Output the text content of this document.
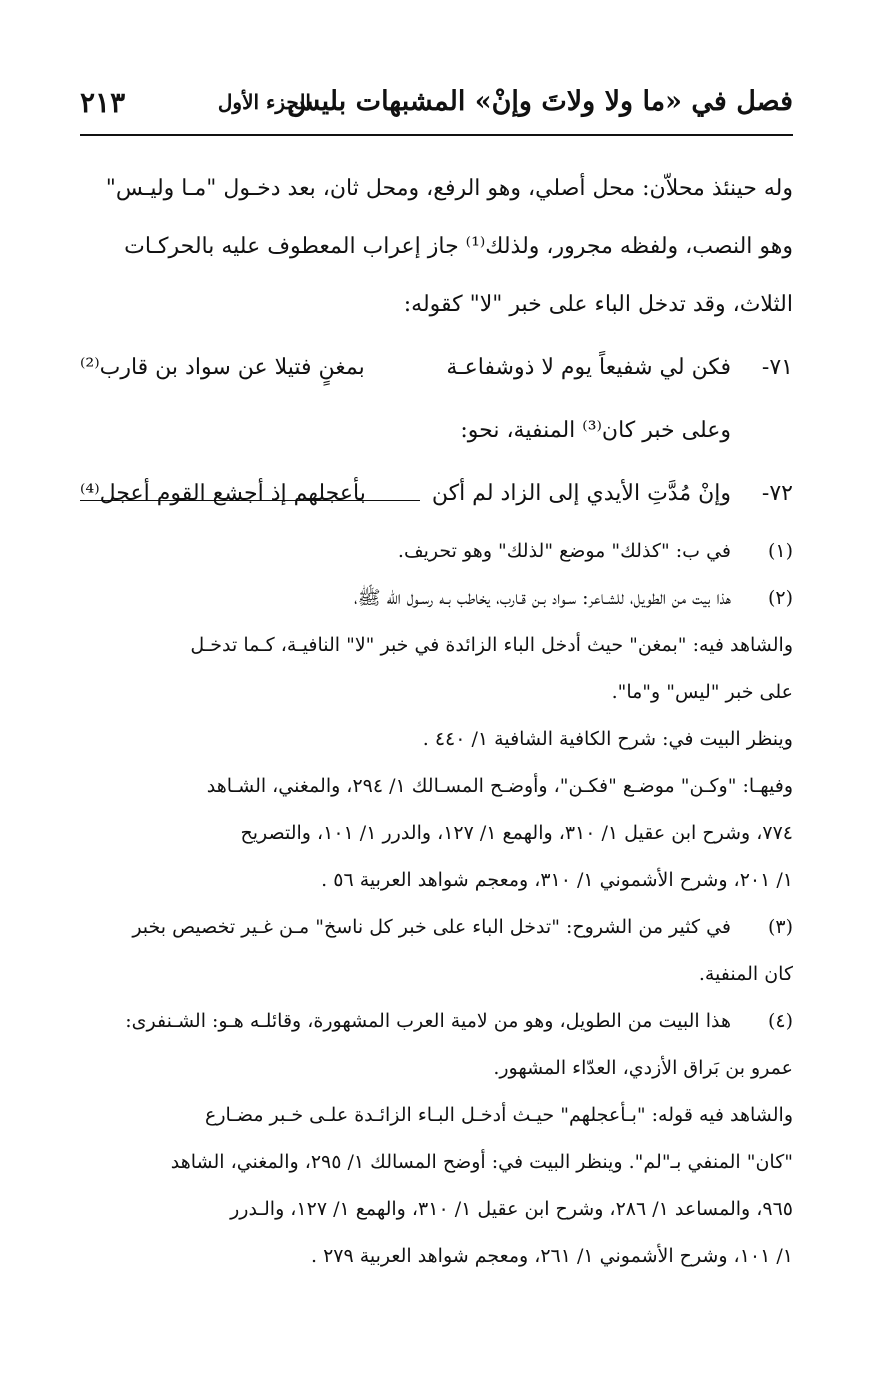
فصل في «ما ولا ولاتَ وإنْ» المشبهات بليس
الجزء الأول
٢١٣
وله حينئذ محلاّن: محل أصلي، وهو الرفع، ومحل ثان، بعد دخـول "مـا وليـس"
وهو النصب، ولفظه مجرور، ولذلك⁽¹⁾ جاز إعراب المعطوف عليه بالحركـات
الثلاث، وقد تدخل الباء على خبر "لا" كقوله:
٧١-
فكن لي شفيعاً يوم لا ذوشفاعـة
بمغنٍ فتيلا عن سواد بن قارب⁽²⁾
وعلى خبر كان⁽³⁾ المنفية، نحو:
٧٢-
وإنْ مُدَّتِ الأيدي إلى الزاد لم أكن
بأعجلهم إذ أجشع القوم أعجل⁽⁴⁾
(١)
في ب: "كذلك" موضع "لذلك" وهو تحريف.
(٢)
هذا بيت من الطويل، للشـاعر: سـواد بـن قـارب، يخاطب بـه رسـول الله ﷺ،
والشاهد فيه: "بمغن" حيث أدخل الباء الزائدة في خبر "لا" النافيـة، كـما تدخـل
على خبر "ليس" و"ما".
وينظر البيت في: شرح الكافية الشافية ١/ ٤٤٠ .
وفيهـا: "وكـن" موضـع "فكـن"، وأوضـح المسـالك ١/ ٢٩٤، والمغني، الشـاهد
٧٧٤، وشرح ابن عقيل ١/ ٣١٠، والهمع ١/ ١٢٧، والدرر ١/ ١٠١، والتصريح
١/ ٢٠١، وشرح الأشموني ١/ ٣١٠، ومعجم شواهد العربية ٥٦ .
(٣)
في كثير من الشروح: "تدخل الباء على خبر كل ناسخ" مـن غـير تخصيص بخبر
كان المنفية.
(٤)
هذا البيت من الطويل، وهو من لامية العرب المشهورة، وقائلـه هـو: الشـنفرى:
عمرو بن بَراق الأزدي، العدّاء المشهور.
والشاهد فيه قوله: "بـأعجلهم" حيـث أدخـل البـاء الزائـدة علـى خـبر مضـارع
"كان" المنفي بـ"لم". وينظر البيت في: أوضح المسالك ١/ ٢٩٥، والمغني، الشاهد
٩٦٥، والمساعد ١/ ٢٨٦، وشرح ابن عقيل ١/ ٣١٠، والهمع ١/ ١٢٧، والـدرر
١/ ١٠١، وشرح الأشموني ١/ ٢٦١، ومعجم شواهد العربية ٢٧٩ .
